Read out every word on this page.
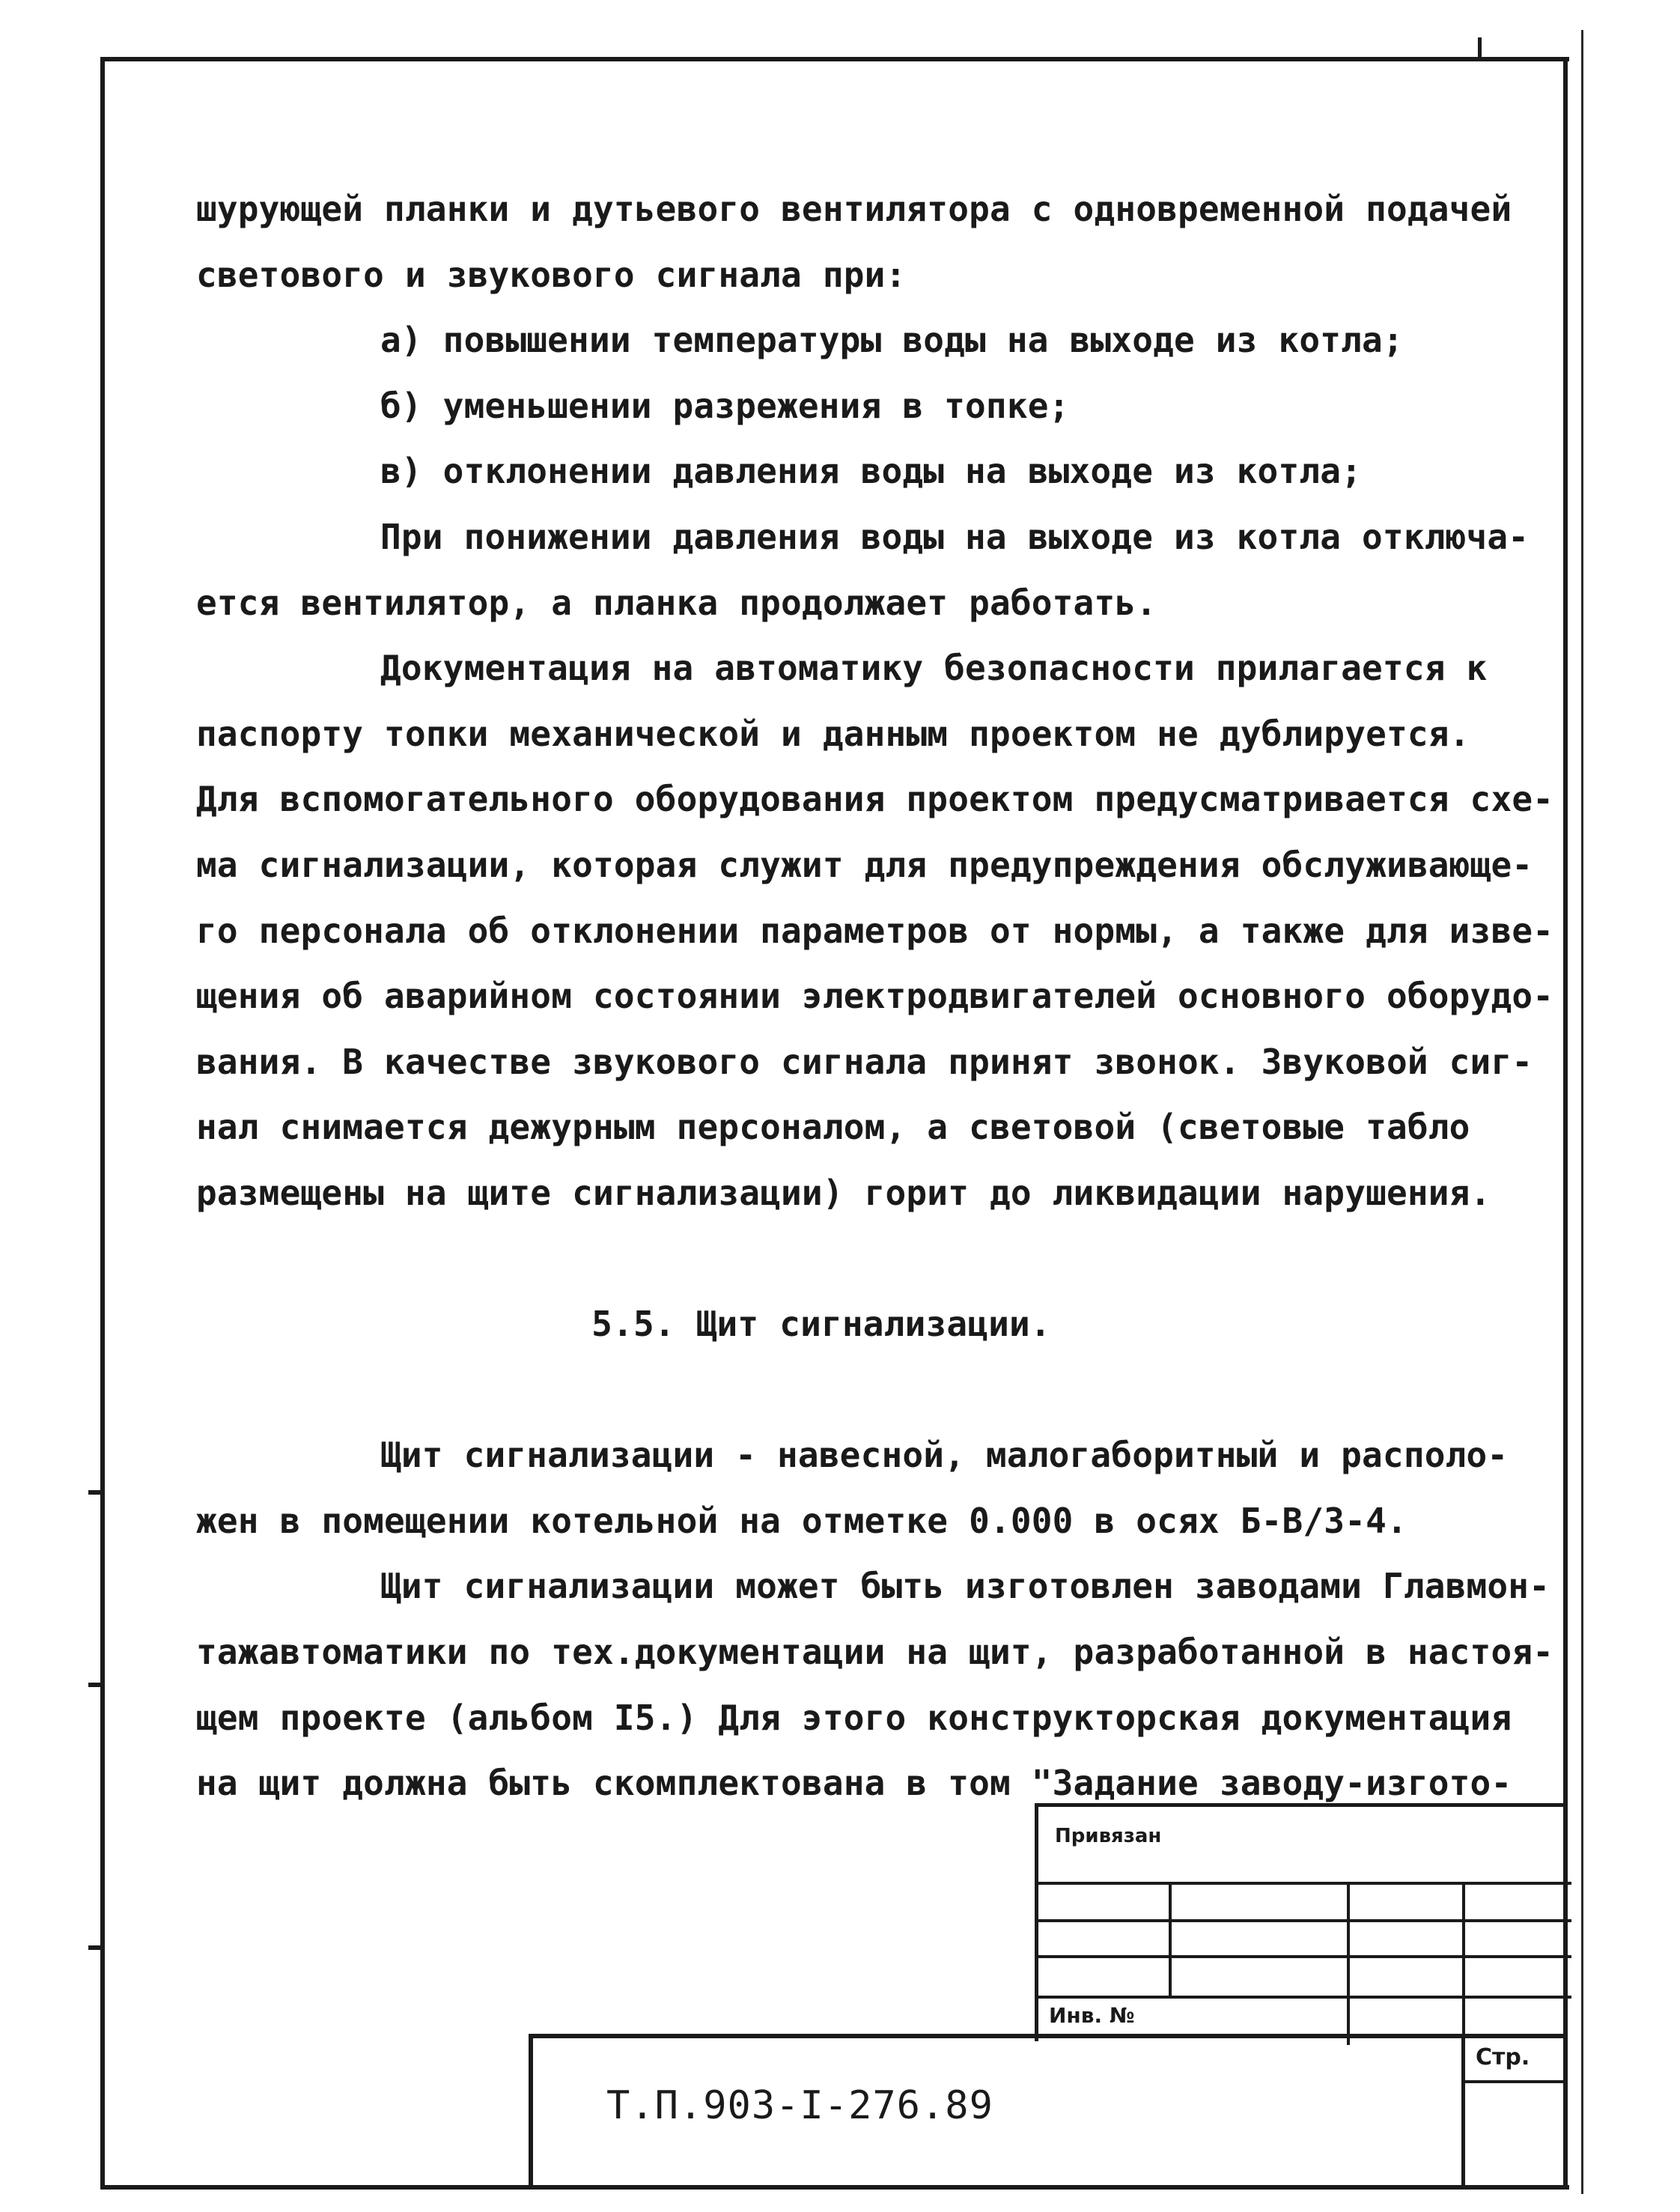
шурующей планки и дутьевого вентилятора с одновременной подачей
светового и звукового сигнала при:
а) повышении температуры воды на выходе из котла;
б) уменьшении разрежения в топке;
в) отклонении давления воды на выходе из котла;
При понижении давления воды на выходе из котла отключа-
ется вентилятор, а планка продолжает работать.
Документация на автоматику безопасности прилагается к
паспорту топки механической и данным проектом не дублируется.
Для вспомогательного оборудования проектом предусматривается схе-
ма сигнализации, которая служит для предупреждения обслуживающе-
го персонала об отклонении параметров от нормы, а также для изве-
щения об аварийном состоянии электродвигателей основного оборудо-
вания. В качестве звукового сигнала принят звонок. Звуковой сиг-
нал снимается дежурным персоналом, а световой (световые табло
размещены на щите сигнализации) горит до ликвидации нарушения.
5.5. Щит сигнализации.
Щит сигнализации - навесной, малогаборитный и располо-
жен в помещении котельной на отметке 0.000 в осях Б-В/3-4.
Щит сигнализации может быть изготовлен заводами Главмон-
тажавтоматики по тех.документации на щит, разработанной в настоя-
щем проекте (альбом I5.) Для этого конструкторская документация
на щит должна быть скомплектована в том "Задание заводу-изгото-
Привязан
Инв. №
Т.П.903-I-276.89
Стр.
